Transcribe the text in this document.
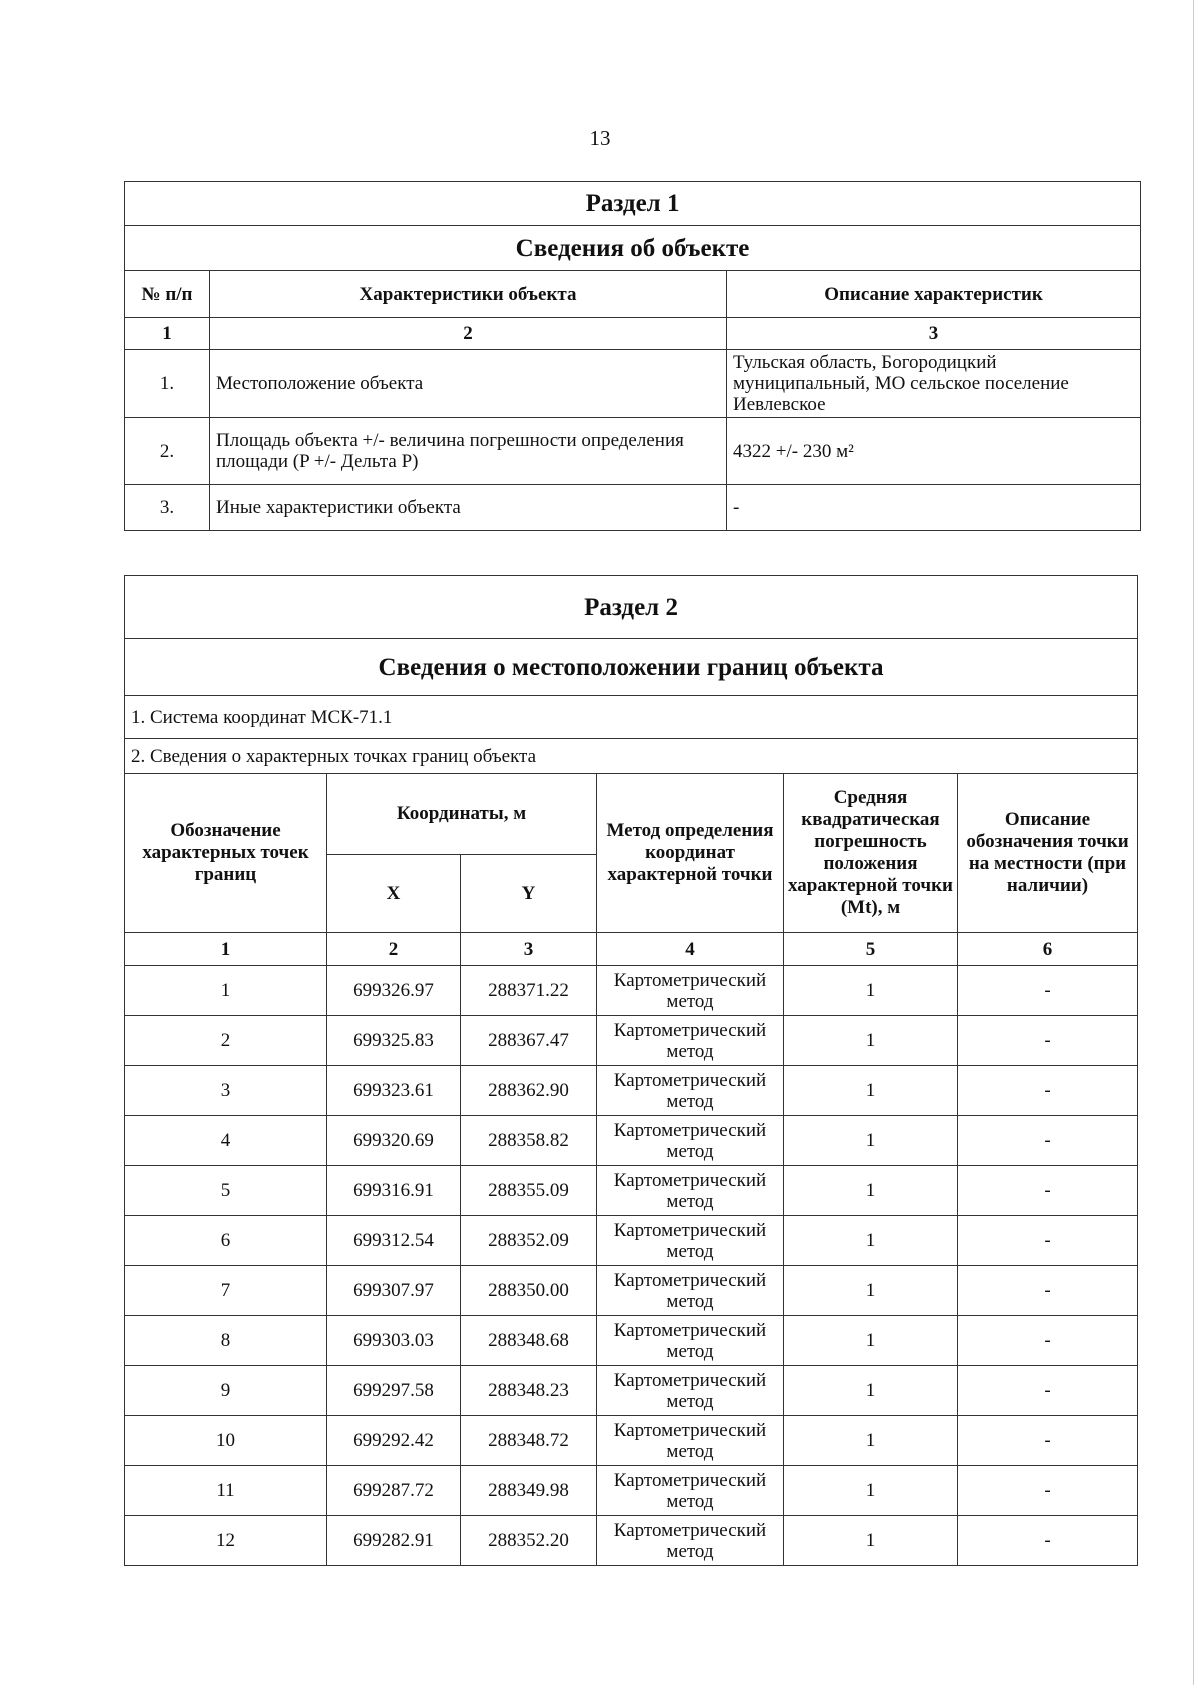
13
Раздел 1		
Сведения об объекте		
№ п/п	Характеристики объекта	Описание характеристик
1	2	3
1.	Местоположение объекта	Тульская область, Богородицкий муниципальный, МО сельское поселение Иевлевское
2.	Площадь объекта +/- величина погрешности определения площади (P +/- Дельта P)	4322 +/- 230 м²
3.	Иные характеристики объекта	-
Раздел 2					
Сведения о местоположении границ объекта					
1. Система координат МСК-71.1					
2. Сведения о характерных точках границ объекта					
Обозначение характерных точек границ	Координаты, м		Метод определения координат характерной точки	Средняя квадратическая погрешность положения характерной точки (Mt), м	Описание обозначения точки на местности (при наличии)
	X	Y			
1	2	3	4	5	6
1	699326.97	288371.22	Картометрический метод	1	-
2	699325.83	288367.47	Картометрический метод	1	-
3	699323.61	288362.90	Картометрический метод	1	-
4	699320.69	288358.82	Картометрический метод	1	-
5	699316.91	288355.09	Картометрический метод	1	-
6	699312.54	288352.09	Картометрический метод	1	-
7	699307.97	288350.00	Картометрический метод	1	-
8	699303.03	288348.68	Картометрический метод	1	-
9	699297.58	288348.23	Картометрический метод	1	-
10	699292.42	288348.72	Картометрический метод	1	-
11	699287.72	288349.98	Картометрический метод	1	-
12	699282.91	288352.20	Картометрический метод	1	-
